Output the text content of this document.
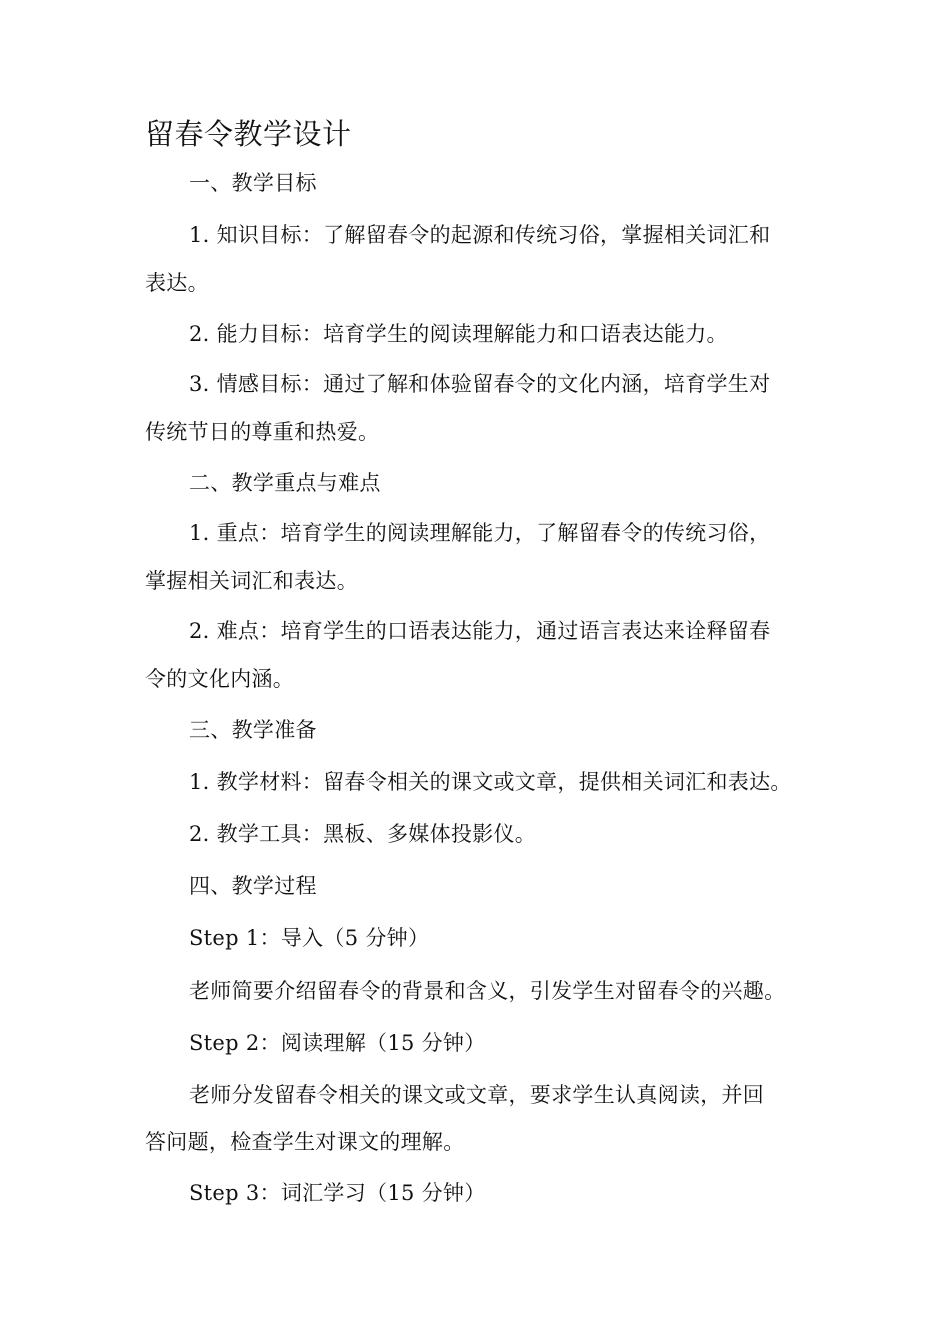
留春令教学设计

一、教学目标

1. 知识目标：了解留春令的起源和传统习俗，掌握相关词汇和

表达。

2. 能力目标：培育学生的阅读理解能力和口语表达能力。

3. 情感目标：通过了解和体验留春令的文化内涵，培育学生对

传统节日的尊重和热爱。

二、教学重点与难点

1. 重点：培育学生的阅读理解能力，了解留春令的传统习俗，

掌握相关词汇和表达。

2. 难点：培育学生的口语表达能力，通过语言表达来诠释留春

令的文化内涵。

三、教学准备

1. 教学材料：留春令相关的课文或文章，提供相关词汇和表达。

2. 教学工具：黑板、多媒体投影仪。

四、教学过程

Step 1：导入（5 分钟）

老师简要介绍留春令的背景和含义，引发学生对留春令的兴趣。

Step 2：阅读理解（15 分钟）

老师分发留春令相关的课文或文章，要求学生认真阅读，并回

答问题，检查学生对课文的理解。

Step 3：词汇学习（15 分钟）
